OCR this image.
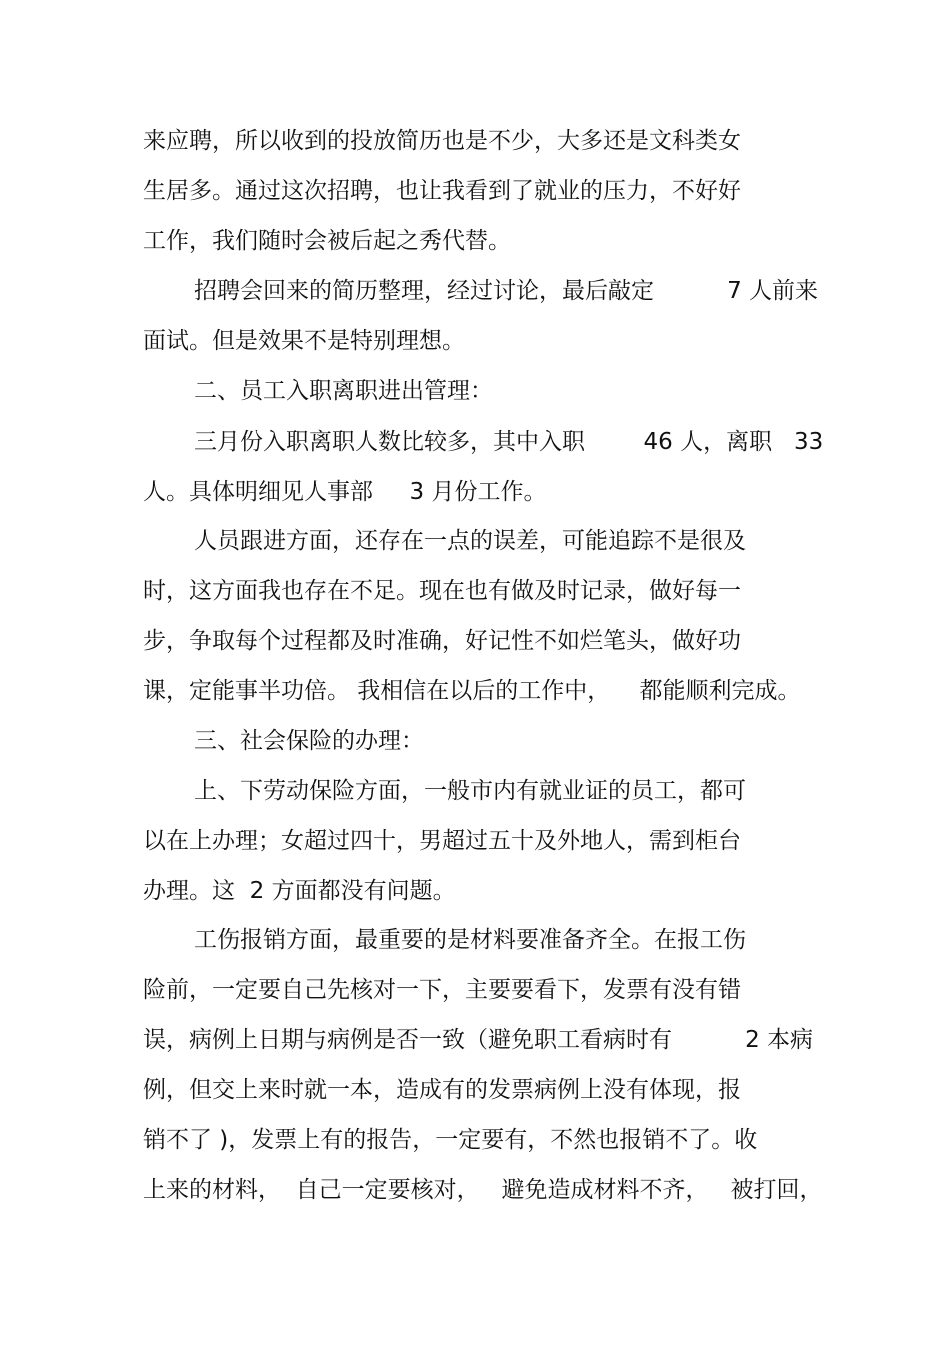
来应聘，所以收到的投放简历也是不少，大多还是文科类女
生居多。通过这次招聘，也让我看到了就业的压力，不好好
工作，我们随时会被后起之秀代替。
招聘会回来的简历整理，经过讨论，最后敲定          7 人前来
面试。但是效果不是特别理想。
二、员工入职离职进出管理：
三月份入职离职人数比较多，其中入职        46 人，离职   33
人。具体明细见人事部     3 月份工作。
人员跟进方面，还存在一点的误差，可能追踪不是很及
时，这方面我也存在不足。现在也有做及时记录，做好每一
步，争取每个过程都及时准确，好记性不如烂笔头，做好功
课，定能事半功倍。 我相信在以后的工作中，    都能顺利完成。
三、社会保险的办理：
上、下劳动保险方面，一般市内有就业证的员工，都可
以在上办理；女超过四十，男超过五十及外地人，需到柜台
办理。这  2 方面都没有问题。
工伤报销方面，最重要的是材料要准备齐全。在报工伤
险前，一定要自己先核对一下，主要要看下，发票有没有错
误，病例上日期与病例是否一致（避免职工看病时有          2 本病
例，但交上来时就一本，造成有的发票病例上没有体现，报
销不了 )，发票上有的报告，一定要有，不然也报销不了。收
上来的材料，  自己一定要核对，   避免造成材料不齐，   被打回，
